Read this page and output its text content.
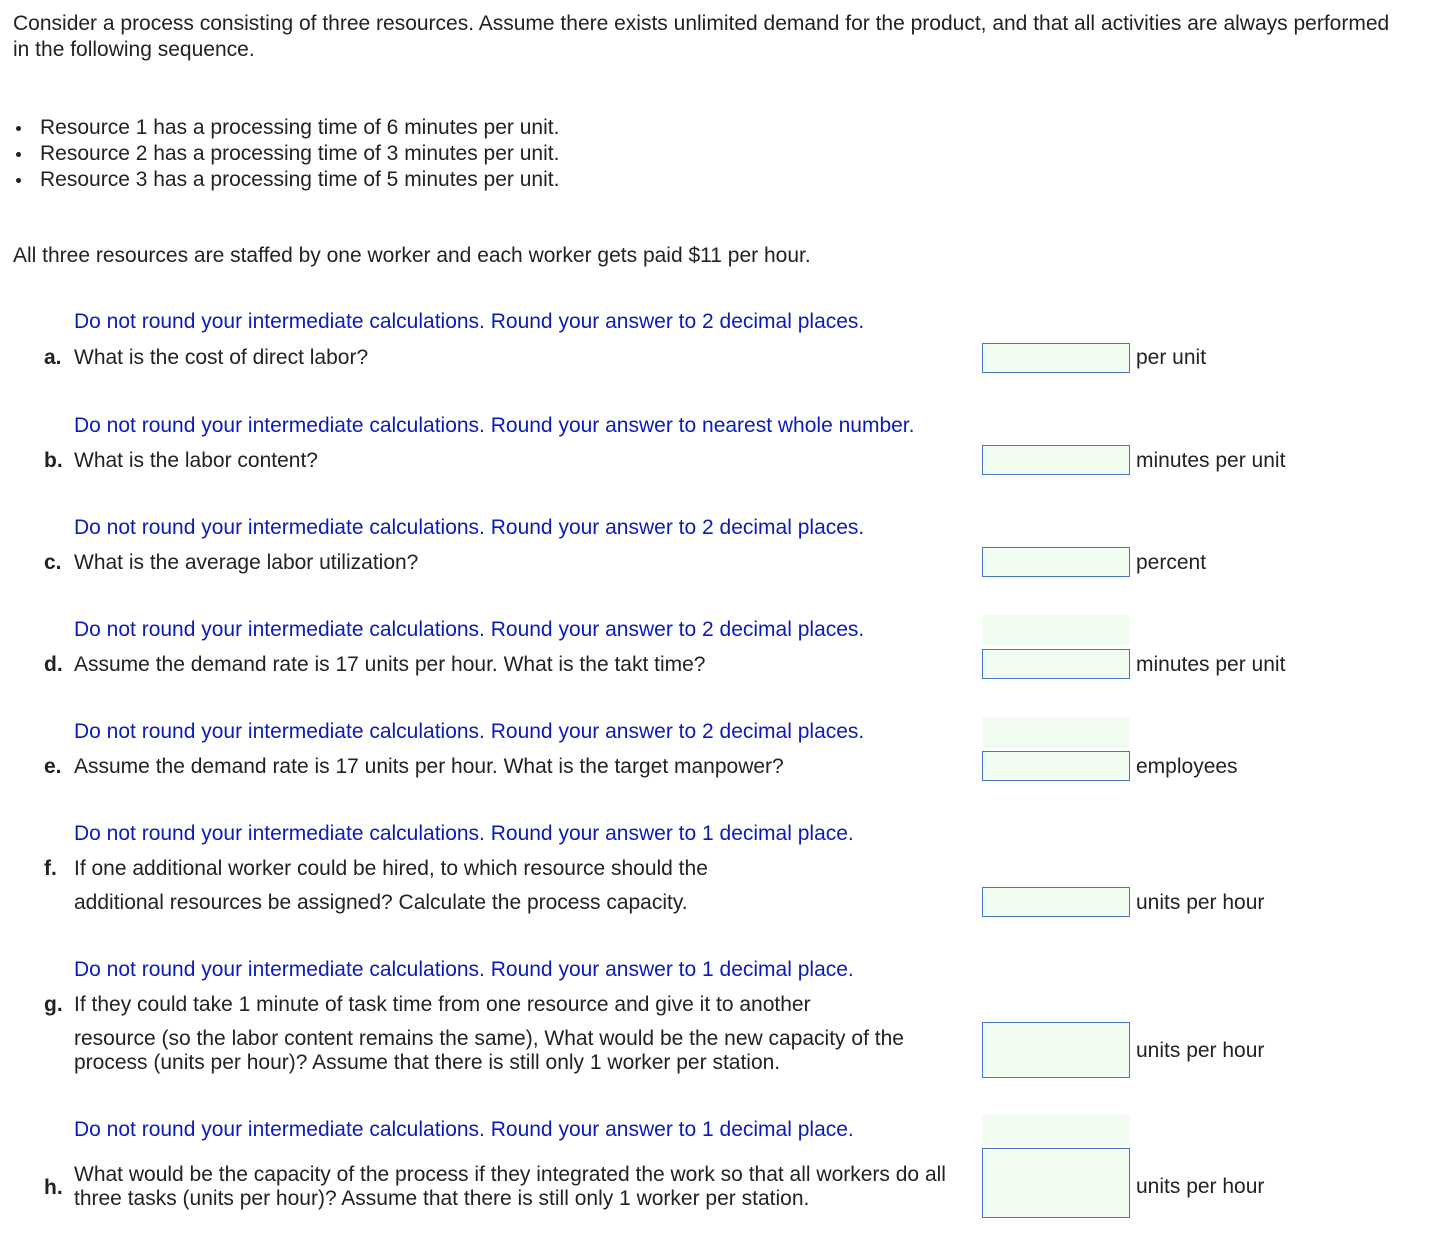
Consider a process consisting of three resources. Assume there exists unlimited demand for the product, and that all activities are always performed in the following sequence.

Resource 1 has a processing time of 6 minutes per unit.
Resource 2 has a processing time of 3 minutes per unit.
Resource 3 has a processing time of 5 minutes per unit.

All three resources are staffed by one worker and each worker gets paid $11 per hour.

Do not round your intermediate calculations. Round your answer to 2 decimal places.

a. What is the cost of direct labor?	per unit

Do not round your intermediate calculations. Round your answer to nearest whole number.

b. What is the labor content?	minutes per unit

Do not round your intermediate calculations. Round your answer to 2 decimal places.

c. What is the average labor utilization?	percent

Do not round your intermediate calculations. Round your answer to 2 decimal places.

d. Assume the demand rate is 17 units per hour. What is the takt time?	minutes per unit

Do not round your intermediate calculations. Round your answer to 2 decimal places.

e. Assume the demand rate is 17 units per hour. What is the target manpower?	employees

Do not round your intermediate calculations. Round your answer to 1 decimal place.

f. If one additional worker could be hired, to which resource should the

additional resources be assigned? Calculate the process capacity.	units per hour

Do not round your intermediate calculations. Round your answer to 1 decimal place.

g. If they could take 1 minute of task time from one resource and give it to another

resource (so the labor content remains the same), What would be the new capacity of the process (units per hour)? Assume that there is still only 1 worker per station.

units per hour

Do not round your intermediate calculations. Round your answer to 1 decimal place.

h.

What would be the capacity of the process if they integrated the work so that all workers do all three tasks (units per hour)? Assume that there is still only 1 worker per station.

units per hour
